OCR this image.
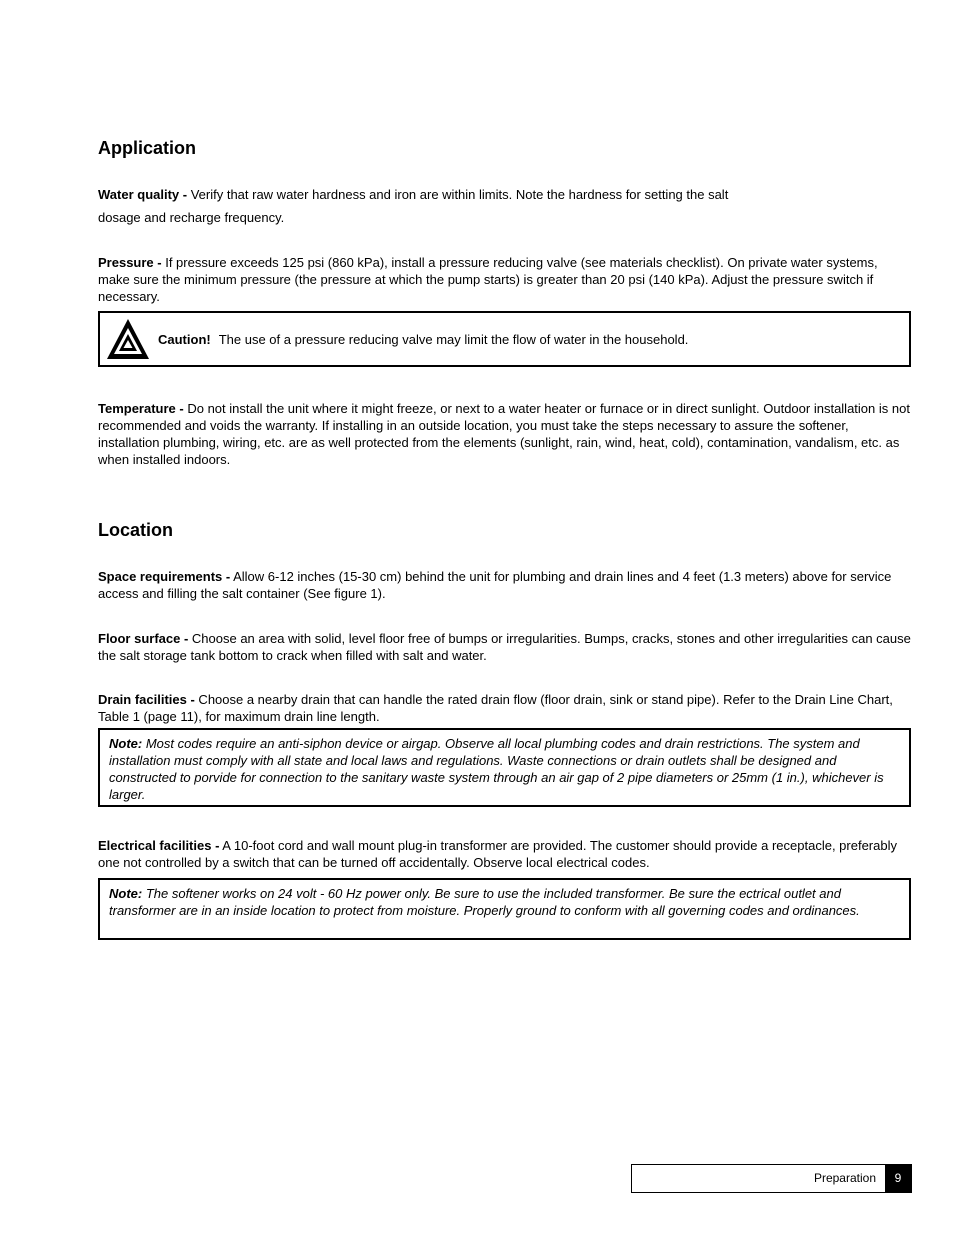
Application

Water quality - Verify that raw water hardness and iron are within limits. Note the hardness for setting the salt

dosage and recharge frequency.

Pressure - If pressure exceeds 125 psi (860 kPa), install a pressure reducing valve (see materials checklist). On private water systems, make sure the minimum pressure (the pressure at which the pump starts) is greater than 20 psi (140 kPa). Adjust the pressure switch if necessary.

Caution! The use of a pressure reducing valve may limit the flow of water in the household.

Temperature - Do not install the unit where it might freeze, or next to a water heater or furnace or in direct sunlight. Outdoor installation is not recommended and voids the warranty. If installing in an outside location, you must take the steps necessary to assure the softener, installation plumbing, wiring, etc. are as well protected from the elements (sunlight, rain, wind, heat, cold), contamination, vandalism, etc. as when installed indoors.

Location

Space requirements - Allow 6-12 inches (15-30 cm) behind the unit for plumbing and drain lines and 4 feet (1.3 meters) above for service access and filling the salt container (See figure 1).

Floor surface - Choose an area with solid, level floor free of bumps or irregularities. Bumps, cracks, stones and other irregularities can cause the salt storage tank bottom to crack when filled with salt and water.

Drain facilities - Choose a nearby drain that can handle the rated drain flow (floor drain, sink or stand pipe). Refer to the Drain Line Chart, Table 1 (page 11), for maximum drain line length.

Note: Most codes require an anti-siphon device or airgap. Observe all local plumbing codes and drain restrictions. The system and installation must comply with all state and local laws and regulations. Waste connections or drain outlets shall be designed and constructed to porvide for connection to the sanitary waste system through an air gap of 2 pipe diameters or 25mm (1 in.), whichever is larger.

Electrical facilities - A 10-foot cord and wall mount plug-in transformer are provided. The customer should provide a receptacle, preferably one not controlled by a switch that can be turned off accidentally. Observe local electrical codes.

Note: The softener works on 24 volt - 60 Hz power only. Be sure to use the included transformer. Be sure the ectrical outlet and transformer are in an inside location to protect from moisture. Properly ground to conform with all governing codes and ordinances.
Preparation	9
